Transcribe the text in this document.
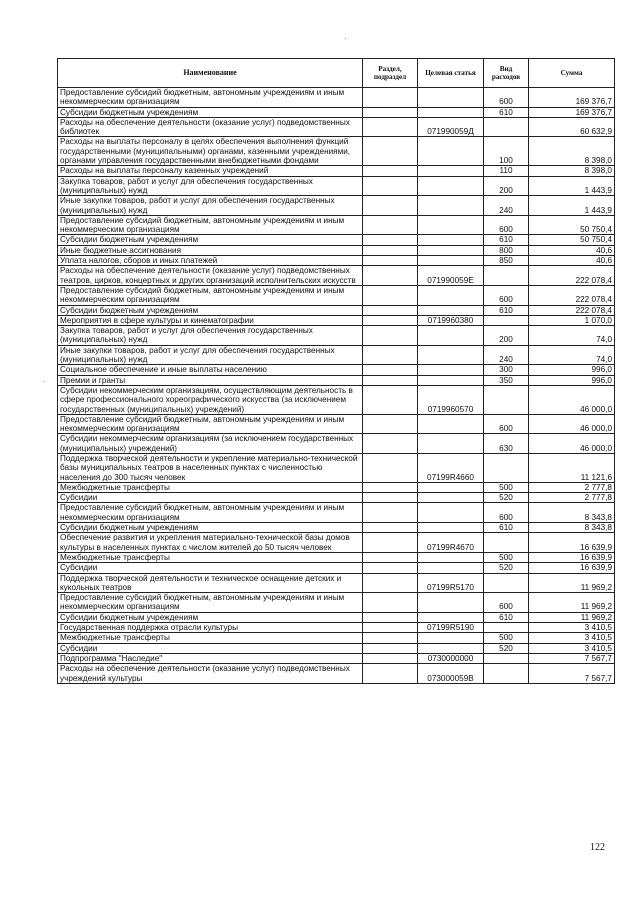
Наименование	Раздел, подраздел	Целевая статья	Вид расходов	Сумма
Предоставление субсидий бюджетным, автономным учреждениям и иным некоммерческим организациям			600	169 376,7
Субсидии бюджетным учреждениям			610	169 376,7
Расходы на обеспечение деятельности (оказание услуг) подведомственных библиотек		071990059Д		60 632,9
Расходы на выплаты персоналу в целях обеспечения выполнения функций государственными (муниципальными) органами, казенными учреждениями, органами управления государственными внебюджетными фондами			100	8 398,0
Расходы на выплаты персоналу казенных учреждений			110	8 398,0
Закупка товаров, работ и услуг для обеспечения государственных (муниципальных) нужд			200	1 443,9
Иные закупки товаров, работ и услуг для обеспечения государственных (муниципальных) нужд			240	1 443,9
Предоставление субсидий бюджетным, автономным учреждениям и иным некоммерческим организациям			600	50 750,4
Субсидии бюджетным учреждениям			610	50 750,4
Иные бюджетные ассигнования			800	40,6
Уплата налогов, сборов и иных платежей			850	40,6
Расходы на обеспечение деятельности (оказание услуг) подведомственных театров, цирков, концертных и других организаций исполнительских искусств		071990059Е		222 078,4
Предоставление субсидий бюджетным, автономным учреждениям и иным некоммерческим организациям			600	222 078,4
Субсидии бюджетным учреждениям			610	222 078,4
Мероприятия в сфере культуры и кинематографии		0719960380		1 070,0
Закупка товаров, работ и услуг для обеспечения государственных (муниципальных) нужд			200	74,0
Иные закупки товаров, работ и услуг для обеспечения государственных (муниципальных) нужд			240	74,0
Социальное обеспечение и иные выплаты населению			300	996,0
Премии и гранты			350	996,0
Субсидии некоммерческим организациям, осуществляющим деятельность в сфере профессионального хореографического искусства (за исключением государственных (муниципальных) учреждений)		0719960570		46 000,0
Предоставление субсидий бюджетным, автономным учреждениям и иным некоммерческим организациям			600	46 000,0
Субсидии некоммерческим организациям (за исключением государственных (муниципальных) учреждений)			630	46 000,0
Поддержка творческой деятельности и укрепление материально-технической базы муниципальных театров в населенных пунктах с численностью населения до 300 тысяч человек		07199R4660		11 121,6
Межбюджетные трансферты			500	2 777,8
Субсидии			520	2 777,8
Предоставление субсидий бюджетным, автономным учреждениям и иным некоммерческим организациям			600	8 343,8
Субсидии бюджетным учреждениям			610	8 343,8
Обеспечение развития и укрепления материально-технической базы домов культуры в населенных пунктах с числом жителей до 50 тысяч человек		07199R4670		16 639,9
Межбюджетные трансферты			500	16 639,9
Субсидии			520	16 639,9
Поддержка творческой деятельности и техническое оснащение детских и кукольных театров		07199R5170		11 969,2
Предоставление субсидий бюджетным, автономным учреждениям и иным некоммерческим организациям			600	11 969,2
Субсидии бюджетным учреждениям			610	11 969,2
Государственная поддержка отрасли культуры		07199R5190		3 410,5
Межбюджетные трансферты			500	3 410,5
Субсидии			520	3 410,5
Подпрограмма "Наследие"		0730000000		7 567,7
Расходы на обеспечение деятельности (оказание услуг) подведомственных учреждений культуры		073000059В		7 567,7
122
